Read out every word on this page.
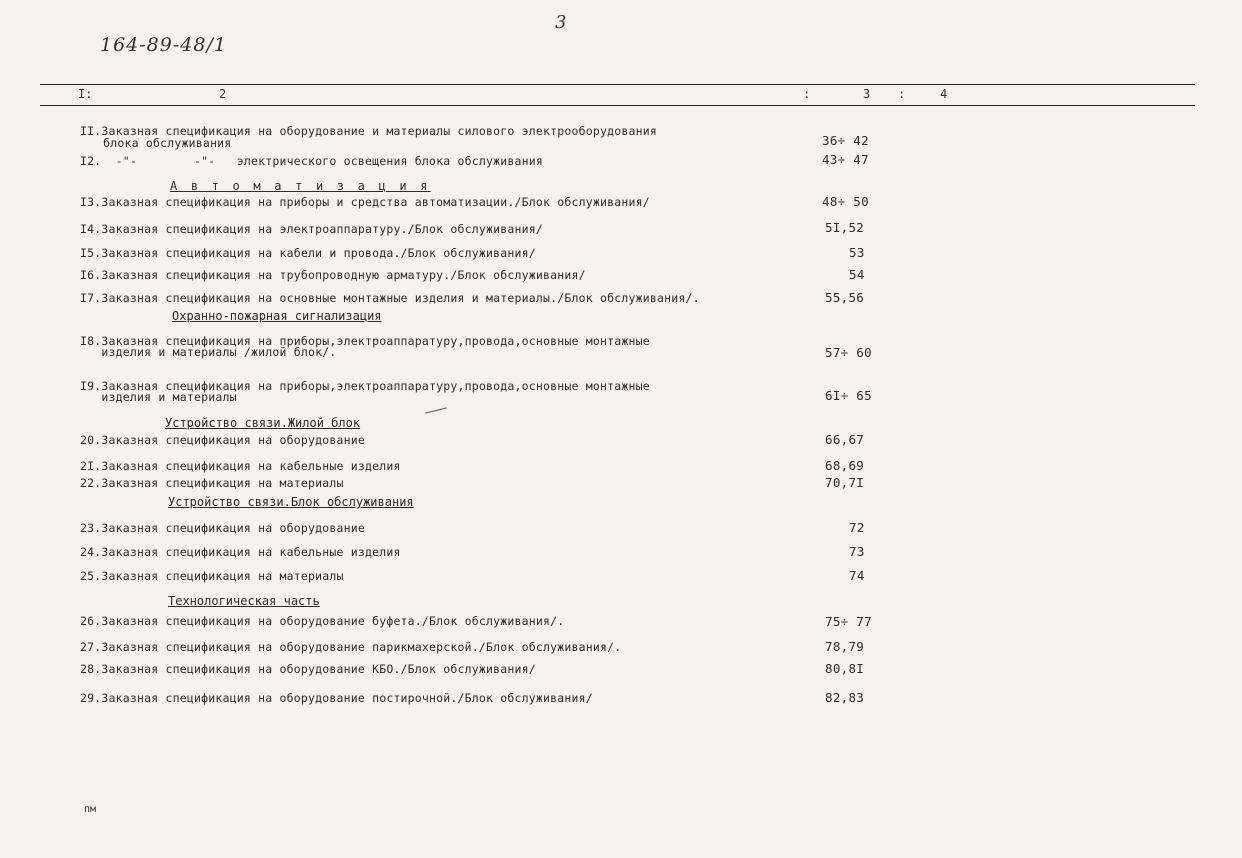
3
164-89-48/1
I:	2	:	3 :	4
II.Заказная спецификация на оборудование и материалы силового электрооборудования
блока обслуживания	36÷ 42
I2.  -"-        -"-   электрического освещения блока обслуживания	43÷ 47
А в т о м а т и з а ц и я
I3.Заказная спецификация на приборы и средства автоматизации./Блок обслуживания/	48÷ 50
I4.Заказная спецификация на электроаппаратуру./Блок обслуживания/	5I,52
I5.Заказная спецификация на кабели и провода./Блок обслуживания/	53
I6.Заказная спецификация на трубопроводную арматуру./Блок обслуживания/	54
I7.Заказная спецификация на основные монтажные изделия и материалы./Блок обслуживания/.	55,56
Охранно-пожарная сигнализация
I8.Заказная спецификация на приборы,электроаппаратуру,провода,основные монтажные
изделия и материалы /жилой блок/.	57÷ 60
I9.Заказная спецификация на приборы,электроаппаратуру,провода,основные монтажные
изделия и материалы	6I÷ 65
Устройство связи.Жилой блок
20.Заказная спецификация на оборудование	66,67
2I.Заказная спецификация на кабельные изделия	68,69
22.Заказная спецификация на материалы	70,7I
Устройство связи.Блок обслуживания
23.Заказная спецификация на оборудование	72
24.Заказная спецификация на кабельные изделия	73
25.Заказная спецификация на материалы	74
Технологическая часть
26.Заказная спецификация на оборудование буфета./Блок обслуживания/.	75÷ 77
27.Заказная спецификация на оборудование парикмахерской./Блок обслуживания/.	78,79
28.Заказная спецификация на оборудование КБО./Блок обслуживания/	80,8I
29.Заказная спецификация на оборудование постирочной./Блок обслуживания/	82,83
пм
